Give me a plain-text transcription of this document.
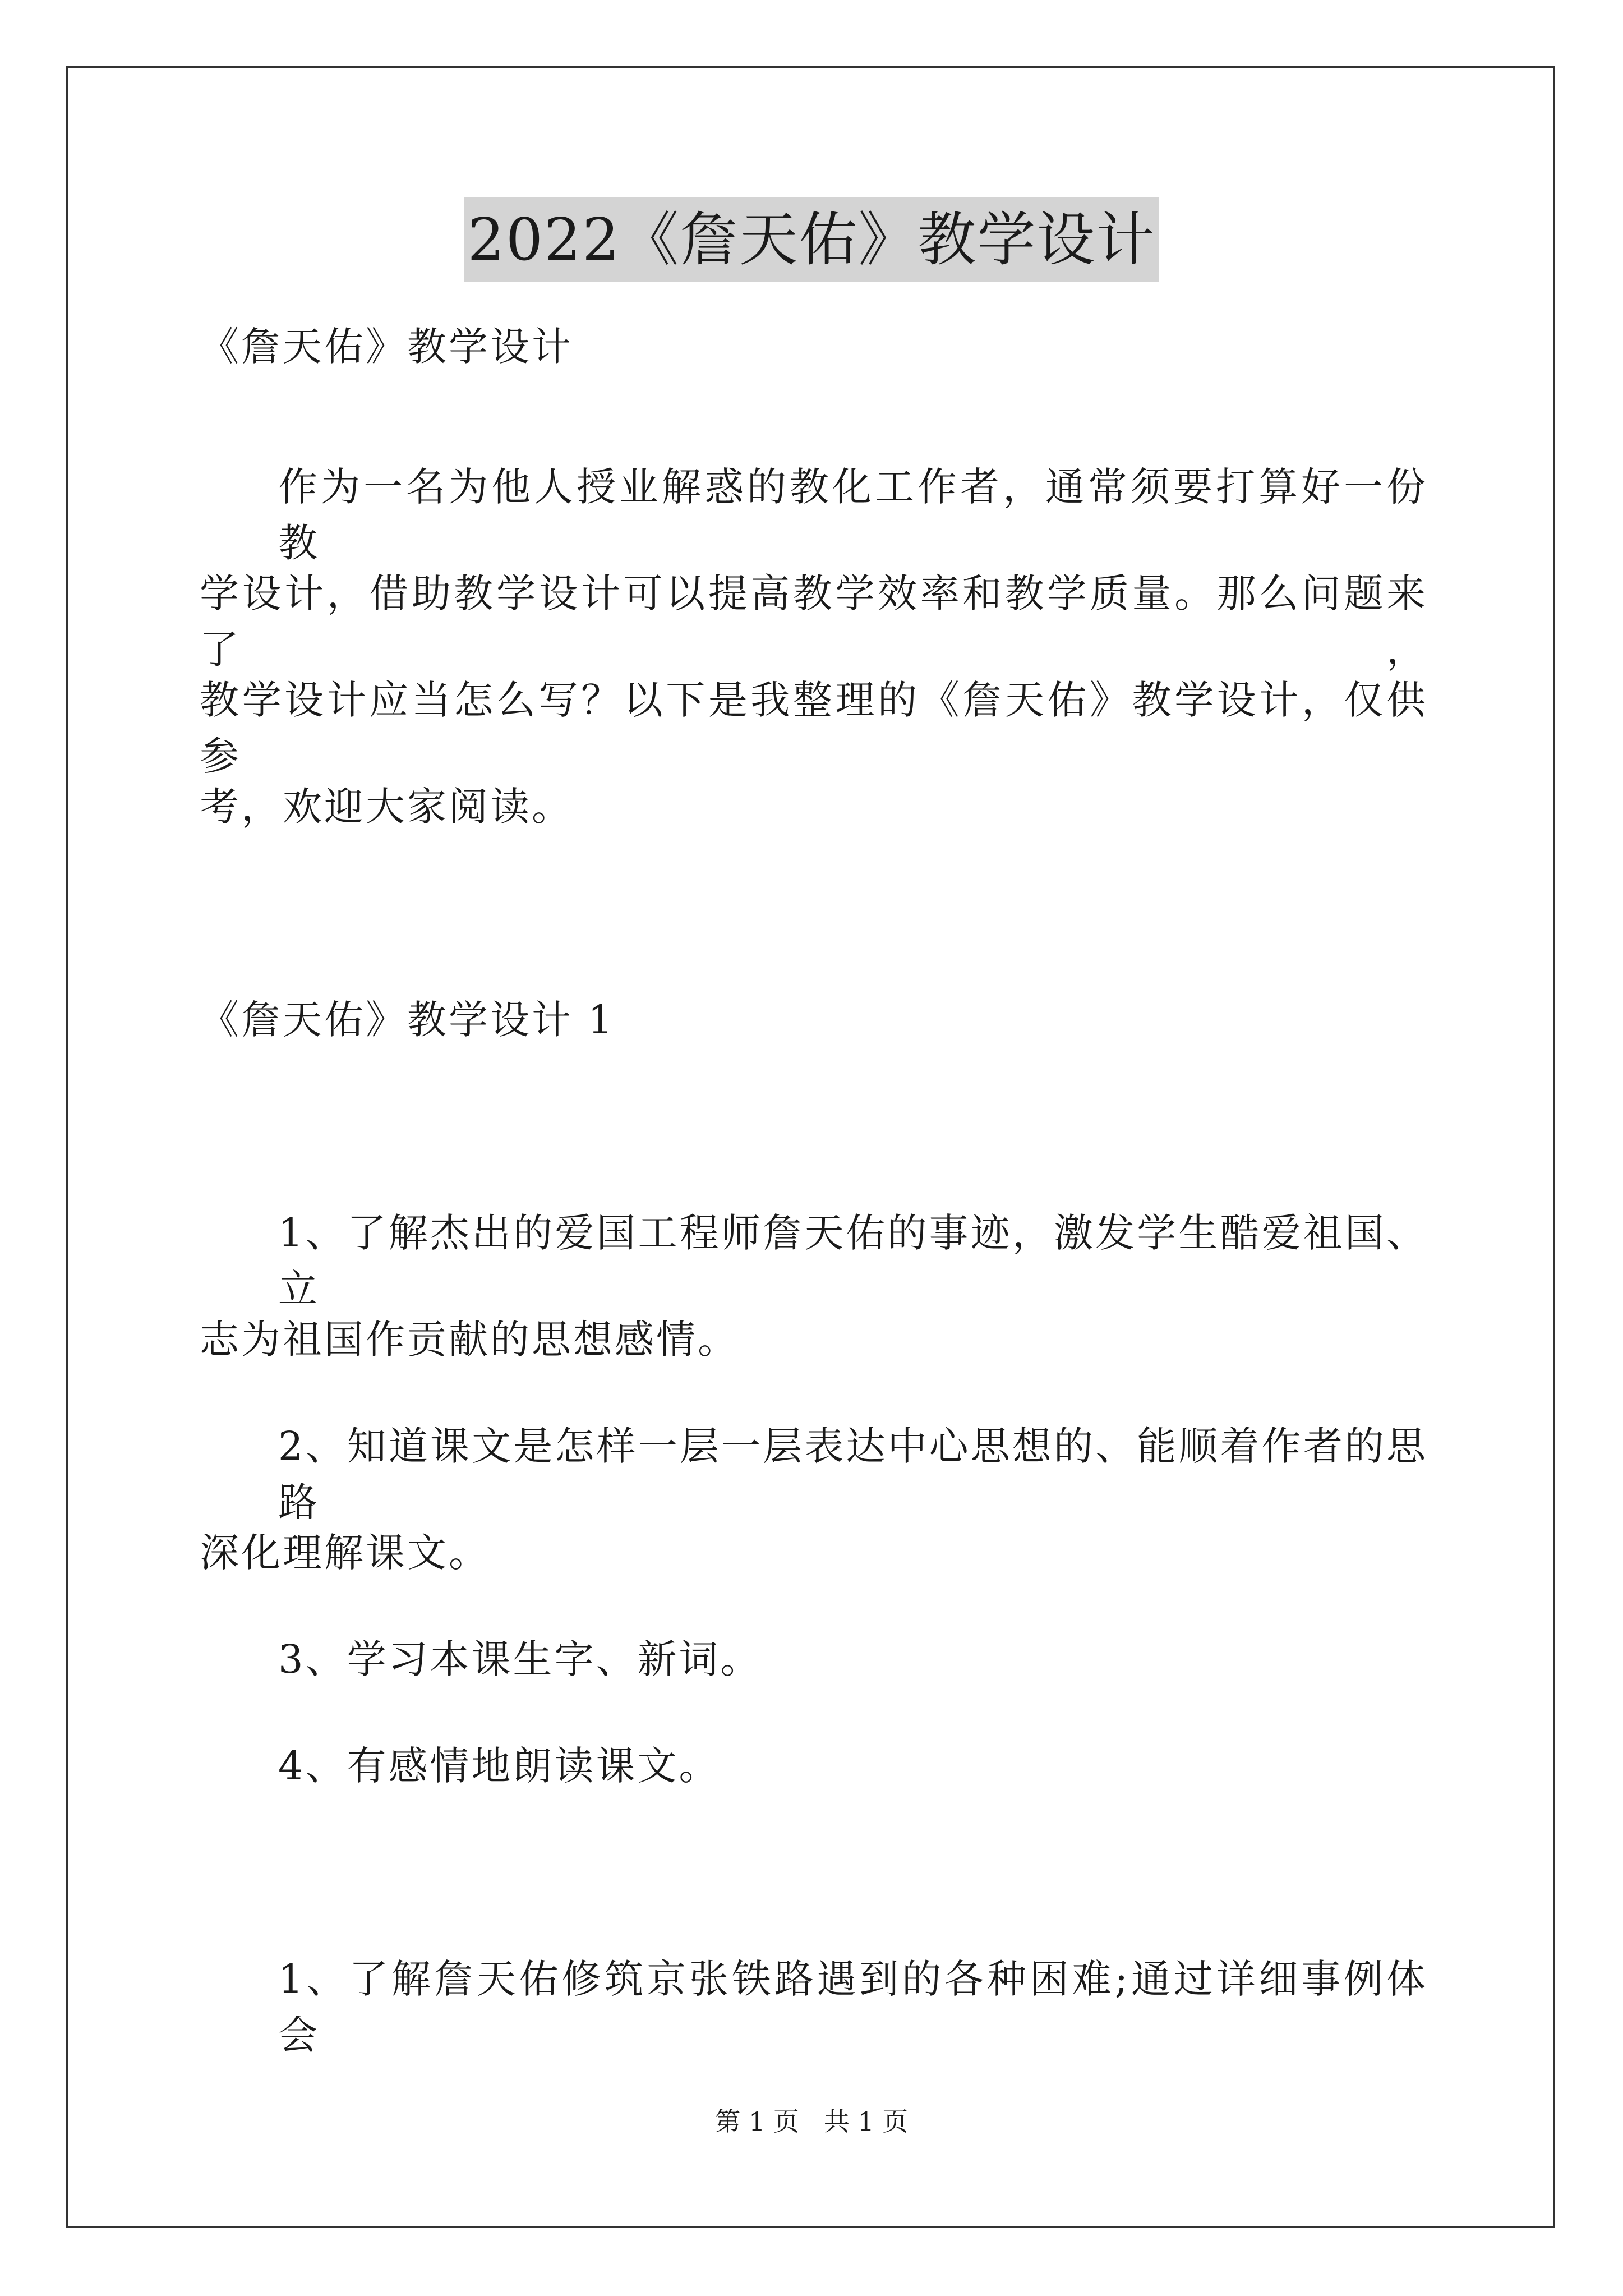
2022《詹天佑》教学设计
《詹天佑》教学设计
作为一名为他人授业解惑的教化工作者，通常须要打算好一份教
学设计，借助教学设计可以提高教学效率和教学质量。那么问题来了，
教学设计应当怎么写？以下是我整理的《詹天佑》教学设计，仅供参
考，欢迎大家阅读。
《詹天佑》教学设计 1
1、了解杰出的爱国工程师詹天佑的事迹，激发学生酷爱祖国、立
志为祖国作贡献的思想感情。
2、知道课文是怎样一层一层表达中心思想的、能顺着作者的思路
深化理解课文。
3、学习本课生字、新词。
4、有感情地朗读课文。
1、了解詹天佑修筑京张铁路遇到的各种困难;通过详细事例体会
第 1 页   共 1 页
